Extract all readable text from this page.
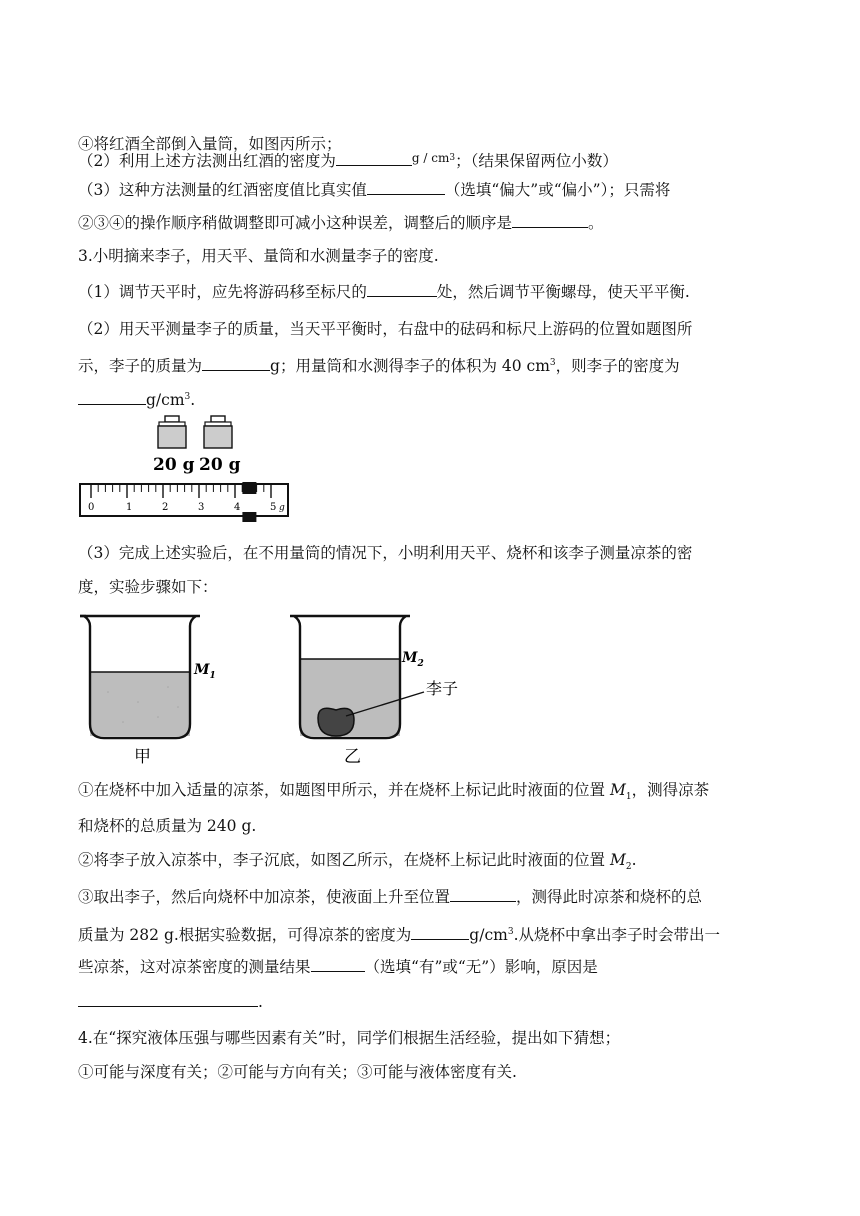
④将红酒全部倒入量筒，如图丙所示；
（2）利用上述方法测出红酒的密度为	$^{g / cm3}$；（结果保留两位小数）
（3）这种方法测量的红酒密度值比真实值	（选填“偏大”或“偏小”）；只需将
②③④的操作顺序稍做调整即可减小这种误差，调整后的顺序是	。
3.小明摘来李子，用天平、量筒和水测量李子的密度.
（1）调节天平时，应先将游码移至标尺的	处，然后调节平衡螺母，使天平平衡.
（2）用天平测量李子的质量，当天平平衡时，右盘中的砝码和标尺上游码的位置如题图所
示，李子的质量为	g；用量筒和水测得李子的体积为 40 $cm^3$，则李子的密度为
$g/cm^3$.
20 g 20 g
0	1	2	3	4	5 g
（3）完成上述实验后，在不用量筒的情况下，小明利用天平、烧杯和该李子测量凉茶的密
度，实验步骤如下：
$M_1$
甲
李子
$M_2$
乙
①在烧杯中加入适量的凉茶，如题图甲所示，并在烧杯上标记此时液面的位置 $M_1$，测得凉茶
和烧杯的总质量为 240 g.
②将李子放入凉茶中，李子沉底，如图乙所示，在烧杯上标记此时液面的位置 $M_2$.
③取出李子，然后向烧杯中加凉茶，使液面上升至位置	，测得此时凉茶和烧杯的总
质量为 282 g.根据实验数据，可得凉茶的密度为	$g/cm^3$.从烧杯中拿出李子时会带出一
些凉茶，这对凉茶密度的测量结果	（选填“有”或“无”）影响，原因是
.
4.在“探究液体压强与哪些因素有关”时，同学们根据生活经验，提出如下猜想；
①可能与深度有关；②可能与方向有关；③可能与液体密度有关.
